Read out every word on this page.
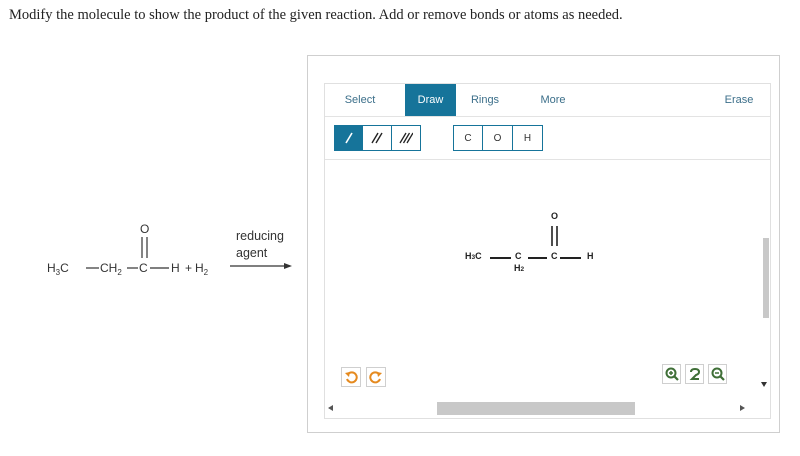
Modify the molecule to show the product of the given reaction. Add or remove bonds or atoms as needed.
O
$H_3C$	$CH_2$ C $H + H_2$
reducing
agent
Select	Draw	Rings	More	Erase
C	O	H
H3C	C
H2
C
O
H
